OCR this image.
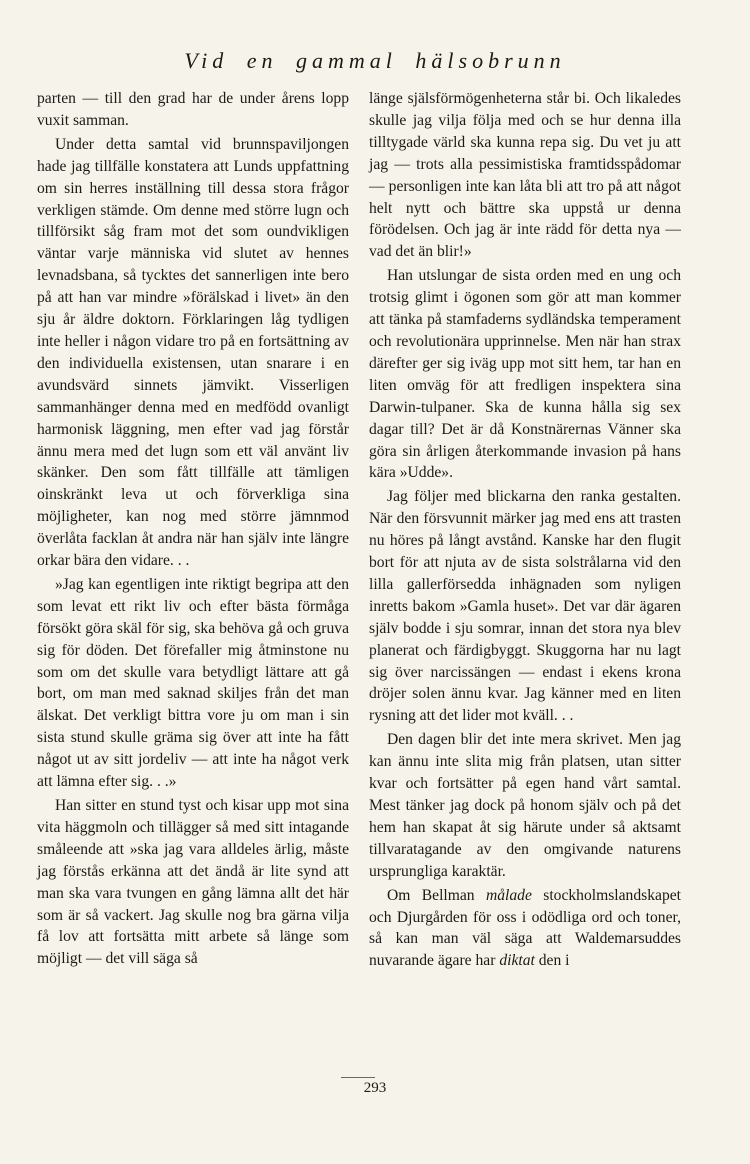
Vid en gammal hälsobrunn

parten — till den grad har de under årens lopp vuxit samman.

Under detta samtal vid brunnspaviljongen hade jag tillfälle konstatera att Lunds uppfattning om sin herres inställning till dessa stora frågor verkligen stämde. Om denne med större lugn och tillförsikt såg fram mot det som oundvikligen väntar varje människa vid slutet av hennes levnadsbana, så tycktes det sannerligen inte bero på att han var mindre »förälskad i livet» än den sju år äldre doktorn. Förklaringen låg tydligen inte heller i någon vidare tro på en fortsättning av den individuella existensen, utan snarare i en avundsvärd sinnets jämvikt. Visserligen sammanhänger denna med en medfödd ovanligt harmonisk läggning, men efter vad jag förstår ännu mera med det lugn som ett väl använt liv skänker. Den som fått tillfälle att tämligen oinskränkt leva ut och förverkliga sina möjligheter, kan nog med större jämnmod överlåta facklan åt andra när han själv inte längre orkar bära den vidare. . .

»Jag kan egentligen inte riktigt begripa att den som levat ett rikt liv och efter bästa förmåga försökt göra skäl för sig, ska behöva gå och gruva sig för döden. Det förefaller mig åtminstone nu som om det skulle vara betydligt lättare att gå bort, om man med saknad skiljes från det man älskat. Det verkligt bittra vore ju om man i sin sista stund skulle gräma sig över att inte ha fått något ut av sitt jordeliv — att inte ha något verk att lämna efter sig. . .»

Han sitter en stund tyst och kisar upp mot sina vita häggmoln och tillägger så med sitt intagande småleende att »ska jag vara alldeles ärlig, måste jag förstås erkänna att det ändå är lite synd att man ska vara tvungen en gång lämna allt det här som är så vackert. Jag skulle nog bra gärna vilja få lov att fortsätta mitt arbete så länge som möjligt — det vill säga så

länge själsförmögenheterna står bi. Och likaledes skulle jag vilja följa med och se hur denna illa tilltygade värld ska kunna repa sig. Du vet ju att jag — trots alla pessimistiska framtidsspådomar — personligen inte kan låta bli att tro på att något helt nytt och bättre ska uppstå ur denna förödelsen. Och jag är inte rädd för detta nya — vad det än blir!»

Han utslungar de sista orden med en ung och trotsig glimt i ögonen som gör att man kommer att tänka på stamfaderns sydländska temperament och revolutionära upprinnelse. Men när han strax därefter ger sig iväg upp mot sitt hem, tar han en liten omväg för att fredligen inspektera sina Darwin-tulpaner. Ska de kunna hålla sig sex dagar till? Det är då Konstnärernas Vänner ska göra sin årligen återkommande invasion på hans kära »Udde».

Jag följer med blickarna den ranka gestalten. När den försvunnit märker jag med ens att trasten nu höres på långt avstånd. Kanske har den flugit bort för att njuta av de sista solstrålarna vid den lilla gallerförsedda inhägnaden som nyligen inretts bakom »Gamla huset». Det var där ägaren själv bodde i sju somrar, innan det stora nya blev planerat och färdigbyggt. Skuggorna har nu lagt sig över narcissängen — endast i ekens krona dröjer solen ännu kvar. Jag känner med en liten rysning att det lider mot kväll. . .

Den dagen blir det inte mera skrivet. Men jag kan ännu inte slita mig från platsen, utan sitter kvar och fortsätter på egen hand vårt samtal. Mest tänker jag dock på honom själv och på det hem han skapat åt sig härute under så aktsamt tillvaratagande av den omgivande naturens ursprungliga karaktär.

Om Bellman målade stockholmslandskapet och Djurgården för oss i odödliga ord och toner, så kan man väl säga att Waldemarsuddes nuvarande ägare har diktat den i

293
